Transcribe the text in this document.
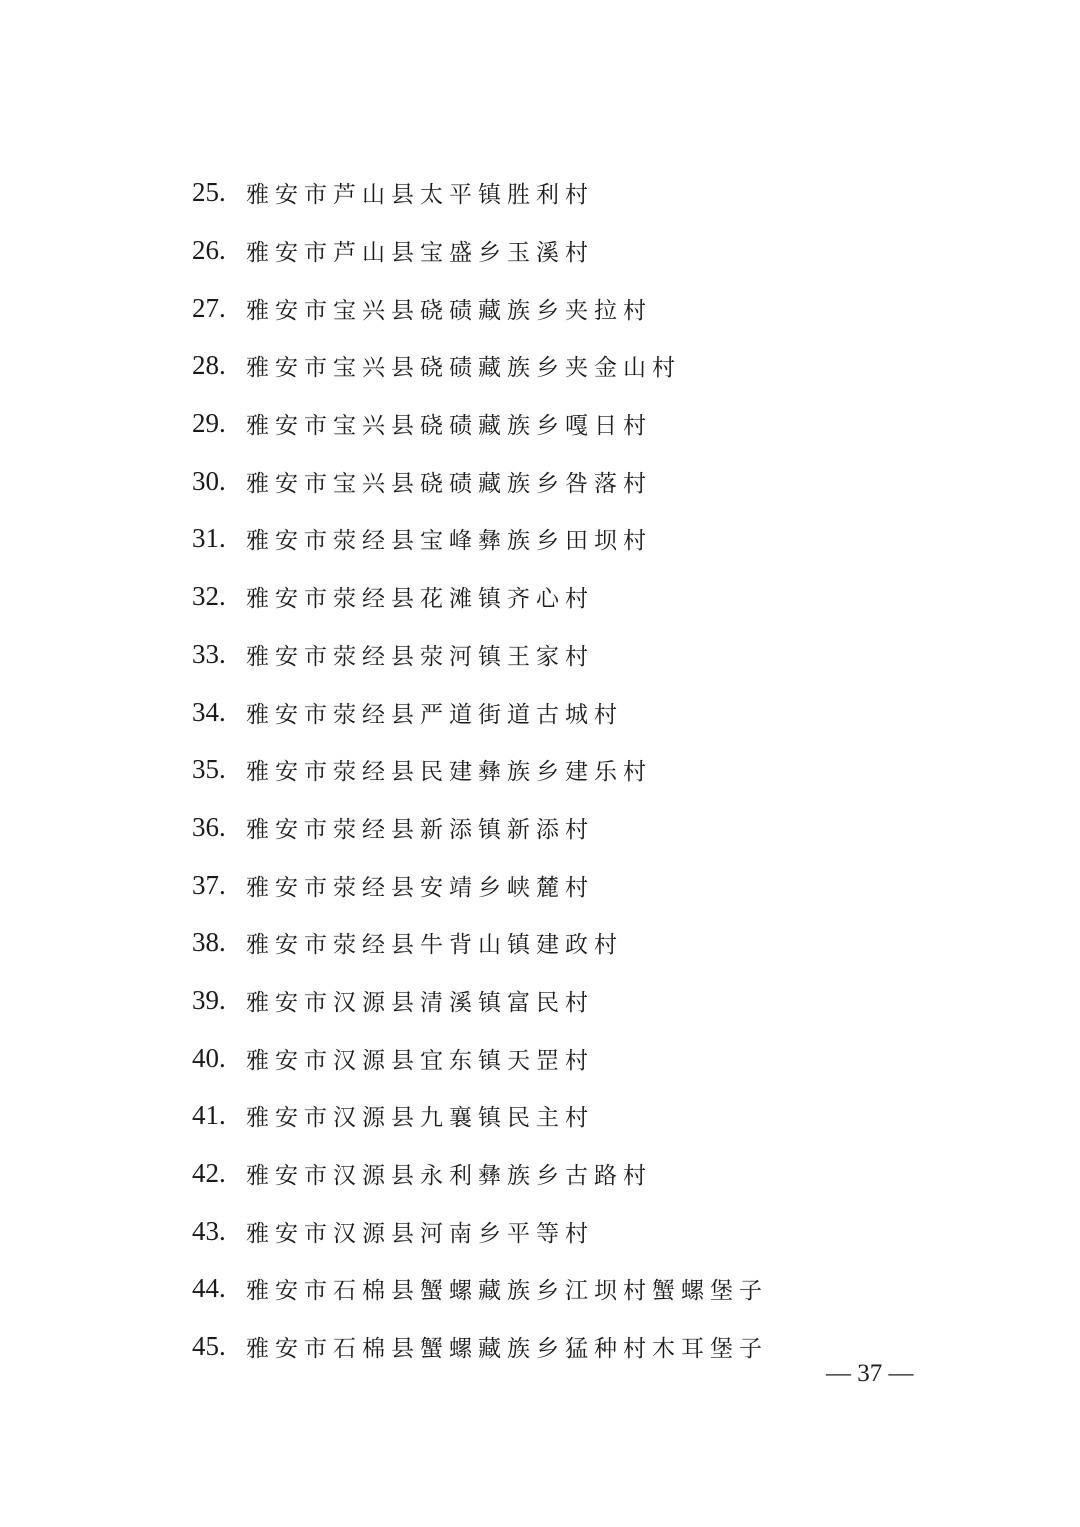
25. 雅安市芦山县太平镇胜利村
26. 雅安市芦山县宝盛乡玉溪村
27. 雅安市宝兴县硗碛藏族乡夹拉村
28. 雅安市宝兴县硗碛藏族乡夹金山村
29. 雅安市宝兴县硗碛藏族乡嘎日村
30. 雅安市宝兴县硗碛藏族乡咎落村
31. 雅安市荥经县宝峰彝族乡田坝村
32. 雅安市荥经县花滩镇齐心村
33. 雅安市荥经县荥河镇王家村
34. 雅安市荥经县严道街道古城村
35. 雅安市荥经县民建彝族乡建乐村
36. 雅安市荥经县新添镇新添村
37. 雅安市荥经县安靖乡峡麓村
38. 雅安市荥经县牛背山镇建政村
39. 雅安市汉源县清溪镇富民村
40. 雅安市汉源县宜东镇天罡村
41. 雅安市汉源县九襄镇民主村
42. 雅安市汉源县永利彝族乡古路村
43. 雅安市汉源县河南乡平等村
44. 雅安市石棉县蟹螺藏族乡江坝村蟹螺堡子
45. 雅安市石棉县蟹螺藏族乡猛种村木耳堡子
— 37 —
